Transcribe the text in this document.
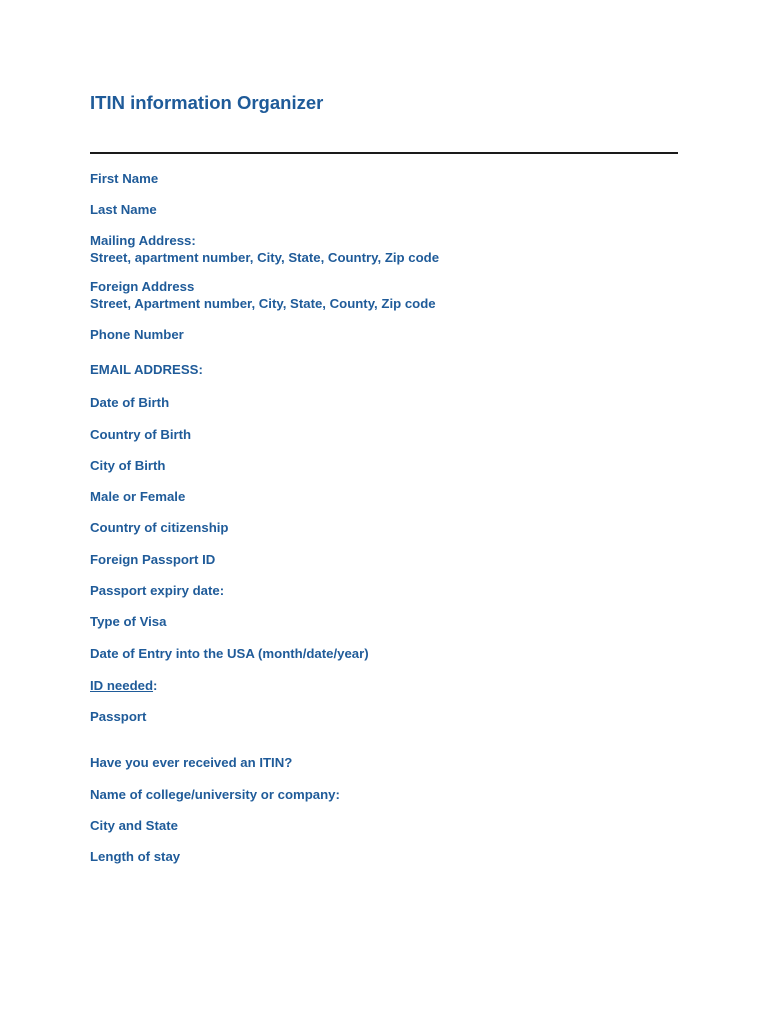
ITIN information Organizer
First Name
Last Name
Mailing Address:
Street, apartment number, City, State, Country, Zip code
Foreign Address
Street, Apartment number, City, State, County, Zip code
Phone Number
EMAIL ADDRESS:
Date of Birth
Country of Birth
City of Birth
Male or Female
Country of citizenship
Foreign Passport ID
Passport expiry date:
Type of Visa
Date of Entry into the USA (month/date/year)
ID needed:
Passport
Have you ever received an ITIN?
Name of college/university or company:
City and State
Length of stay
